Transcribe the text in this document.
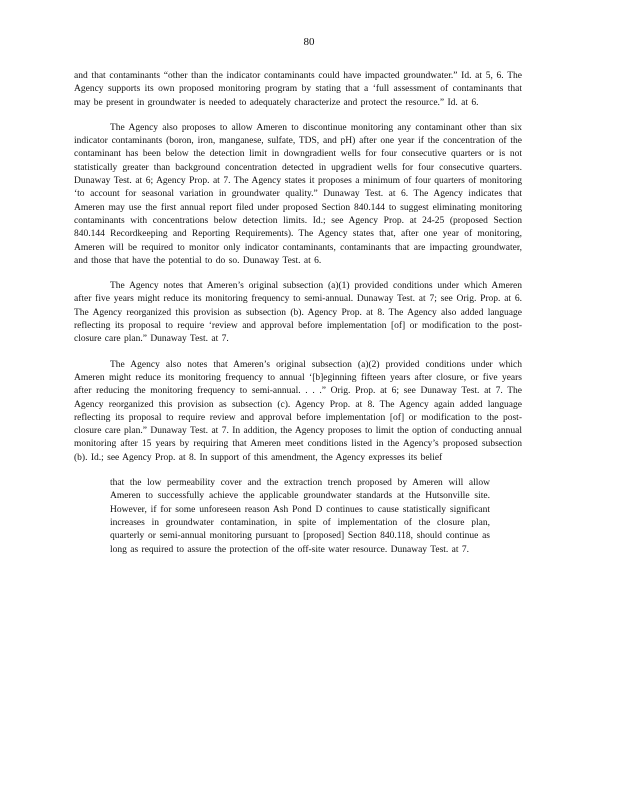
80

and that contaminants “other than the indicator contaminants could have impacted groundwater.” Id. at 5, 6. The Agency supports its own proposed monitoring program by stating that a ‘full assessment of contaminants that may be present in groundwater is needed to adequately characterize and protect the resource.” Id. at 6.

The Agency also proposes to allow Ameren to discontinue monitoring any contaminant other than six indicator contaminants (boron, iron, manganese, sulfate, TDS, and pH) after one year if the concentration of the contaminant has been below the detection limit in downgradient wells for four consecutive quarters or is not statistically greater than background concentration detected in upgradient wells for four consecutive quarters. Dunaway Test. at 6; Agency Prop. at 7. The Agency states it proposes a minimum of four quarters of monitoring ‘to account for seasonal variation in groundwater quality.” Dunaway Test. at 6. The Agency indicates that Ameren may use the first annual report filed under proposed Section 840.144 to suggest eliminating monitoring contaminants with concentrations below detection limits. Id.; see Agency Prop. at 24-25 (proposed Section 840.144 Recordkeeping and Reporting Requirements). The Agency states that, after one year of monitoring, Ameren will be required to monitor only indicator contaminants, contaminants that are impacting groundwater, and those that have the potential to do so. Dunaway Test. at 6.

The Agency notes that Ameren’s original subsection (a)(1) provided conditions under which Ameren after five years might reduce its monitoring frequency to semi-annual. Dunaway Test. at 7; see Orig. Prop. at 6. The Agency reorganized this provision as subsection (b). Agency Prop. at 8. The Agency also added language reflecting its proposal to require ‘review and approval before implementation [of] or modification to the post-closure care plan.” Dunaway Test. at 7.

The Agency also notes that Ameren’s original subsection (a)(2) provided conditions under which Ameren might reduce its monitoring frequency to annual ‘[b]eginning fifteen years after closure, or five years after reducing the monitoring frequency to semi-annual. . . .” Orig. Prop. at 6; see Dunaway Test. at 7. The Agency reorganized this provision as subsection (c). Agency Prop. at 8. The Agency again added language reflecting its proposal to require review and approval before implementation [of] or modification to the post-closure care plan.” Dunaway Test. at 7. In addition, the Agency proposes to limit the option of conducting annual monitoring after 15 years by requiring that Ameren meet conditions listed in the Agency’s proposed subsection (b). Id.; see Agency Prop. at 8. In support of this amendment, the Agency expresses its belief

that the low permeability cover and the extraction trench proposed by Ameren will allow Ameren to successfully achieve the applicable groundwater standards at the Hutsonville site. However, if for some unforeseen reason Ash Pond D continues to cause statistically significant increases in groundwater contamination, in spite of implementation of the closure plan, quarterly or semi-annual monitoring pursuant to [proposed] Section 840.118, should continue as long as required to assure the protection of the off-site water resource. Dunaway Test. at 7.
